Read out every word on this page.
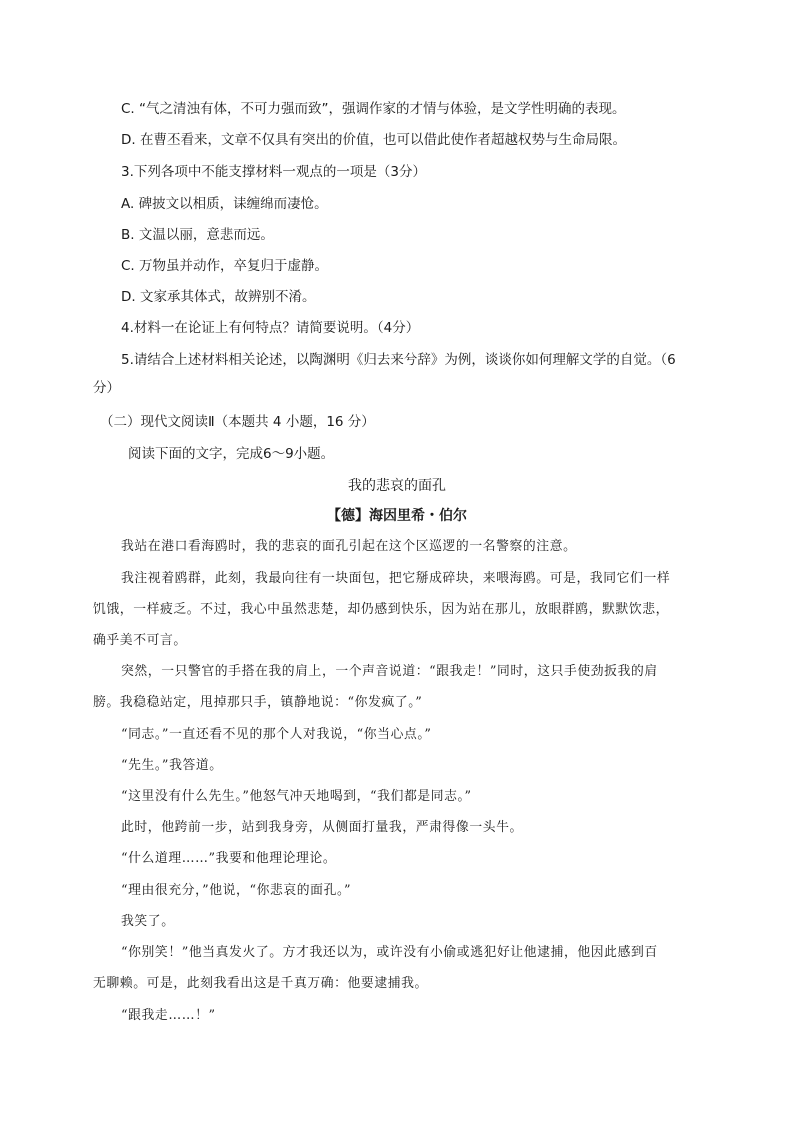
C. “气之清浊有体，不可力强而致”，强调作家的才情与体验，是文学性明确的表现。
D. 在曹丕看来，文章不仅具有突出的价值，也可以借此使作者超越权势与生命局限。
3.下列各项中不能支撑材料一观点的一项是（3分）
A. 碑披文以相质，诔缠绵而凄怆。
B. 文温以丽，意悲而远。
C. 万物虽并动作，卒复归于虚静。
D. 文家承其体式，故辨别不淆。
4.材料一在论证上有何特点？请简要说明。（4分）
5.请结合上述材料相关论述，以陶渊明《归去来兮辞》为例，谈谈你如何理解文学的自觉。（6
分）
（二）现代文阅读Ⅱ（本题共 4 小题，16 分）
阅读下面的文字，完成6～9小题。
我的悲哀的面孔
【德】海因里希・伯尔
我站在港口看海鸥时，我的悲哀的面孔引起在这个区巡逻的一名警察的注意。
我注视着鸥群，此刻，我最向往有一块面包，把它掰成碎块，来喂海鸥。可是，我同它们一样
饥饿，一样疲乏。不过，我心中虽然悲楚，却仍感到快乐，因为站在那儿，放眼群鸥，默默饮悲，
确乎美不可言。
突然，一只警官的手搭在我的肩上，一个声音说道：“跟我走！”同时，这只手使劲扳我的肩
膀。我稳稳站定，甩掉那只手，镇静地说：“你发疯了。”
“同志。”一直还看不见的那个人对我说，“你当心点。”
“先生。”我答道。
“这里没有什么先生。”他怒气冲天地喝到，“我们都是同志。”
此时，他跨前一步，站到我身旁，从侧面打量我，严肃得像一头牛。
“什么道理……”我要和他理论理论。
“理由很充分，”他说，“你悲哀的面孔。”
我笑了。
“你别笑！”他当真发火了。方才我还以为，或许没有小偷或逃犯好让他逮捕，他因此感到百
无聊赖。可是，此刻我看出这是千真万确：他要逮捕我。
“跟我走……！”
